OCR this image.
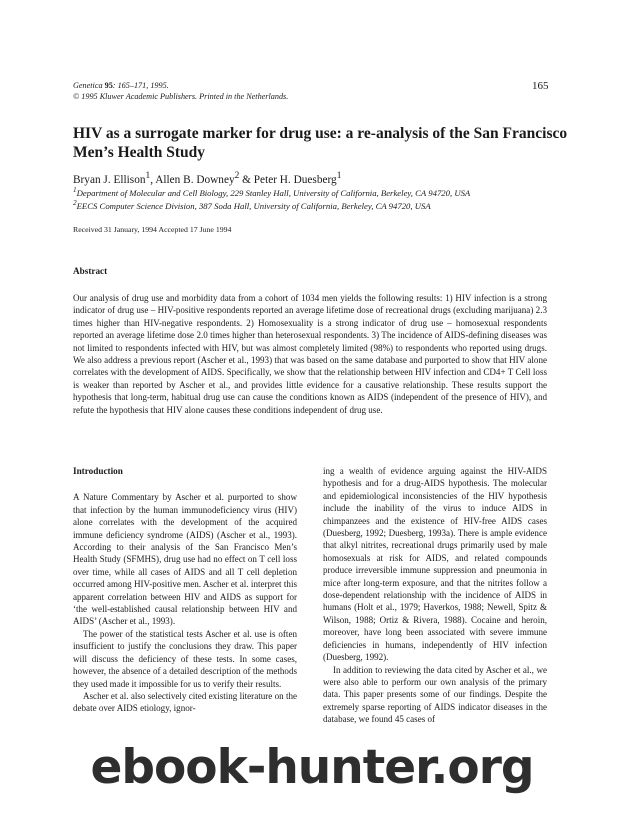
Genetica 95: 165–171, 1995.
© 1995 Kluwer Academic Publishers. Printed in the Netherlands.
165
HIV as a surrogate marker for drug use: a re-analysis of the San Francisco Men’s Health Study
Bryan J. Ellison$^1$, Allen B. Downey$^2$ & Peter H. Duesberg$^1$
$^1$Department of Molecular and Cell Biology, 229 Stanley Hall, University of California, Berkeley, CA 94720, USA
$^2$EECS Computer Science Division, 387 Soda Hall, University of California, Berkeley, CA 94720, USA
Received 31 January, 1994 Accepted 17 June 1994
Abstract

Our analysis of drug use and morbidity data from a cohort of 1034 men yields the following results: 1) HIV infection is a strong indicator of drug use – HIV-positive respondents reported an average lifetime dose of recreational drugs (excluding marijuana) 2.3 times higher than HIV-negative respondents. 2) Homosexuality is a strong indicator of drug use – homosexual respondents reported an average lifetime dose 2.0 times higher than heterosexual respondents. 3) The incidence of AIDS-defining diseases was not limited to respondents infected with HIV, but was almost completely limited (98%) to respondents who reported using drugs. We also address a previous report (Ascher et al., 1993) that was based on the same database and purported to show that HIV alone correlates with the development of AIDS. Specifically, we show that the relationship between HIV infection and CD4+ T Cell loss is weaker than reported by Ascher et al., and provides little evidence for a causative relationship. These results support the hypothesis that long-term, habitual drug use can cause the conditions known as AIDS (independent of the presence of HIV), and refute the hypothesis that HIV alone causes these conditions independent of drug use.

Introduction

A Nature Commentary by Ascher et al. purported to show that infection by the human immunodeficiency virus (HIV) alone correlates with the development of the acquired immune deficiency syndrome (AIDS) (Ascher et al., 1993). According to their analysis of the San Francisco Men’s Health Study (SFMHS), drug use had no effect on T cell loss over time, while all cases of AIDS and all T cell depletion occurred among HIV-positive men. Ascher et al. interpret this apparent correlation between HIV and AIDS as support for ‘the well-established causal relationship between HIV and AIDS’ (Ascher et al., 1993).

The power of the statistical tests Ascher et al. use is often insufficient to justify the conclusions they draw. This paper will discuss the deficiency of these tests. In some cases, however, the absence of a detailed description of the methods they used made it impossible for us to verify their results.

Ascher et al. also selectively cited existing literature on the debate over AIDS etiology, ignor-

ing a wealth of evidence arguing against the HIV-AIDS hypothesis and for a drug-AIDS hypothesis. The molecular and epidemiological inconsistencies of the HIV hypothesis include the inability of the virus to induce AIDS in chimpanzees and the existence of HIV-free AIDS cases (Duesberg, 1992; Duesberg, 1993a). There is ample evidence that alkyl nitrites, recreational drugs primarily used by male homosexuals at risk for AIDS, and related compounds produce irreversible immune suppression and pneumonia in mice after long-term exposure, and that the nitrites follow a dose-dependent relationship with the incidence of AIDS in humans (Holt et al., 1979; Haverkos, 1988; Newell, Spitz & Wilson, 1988; Ortiz & Rivera, 1988). Cocaine and heroin, moreover, have long been associated with severe immune deficiencies in humans, independently of HIV infection (Duesberg, 1992).

In addition to reviewing the data cited by Ascher et al., we were also able to perform our own analysis of the primary data. This paper presents some of our findings. Despite the extremely sparse reporting of AIDS indicator diseases in the database, we found 45 cases of

ebook-hunter.org
